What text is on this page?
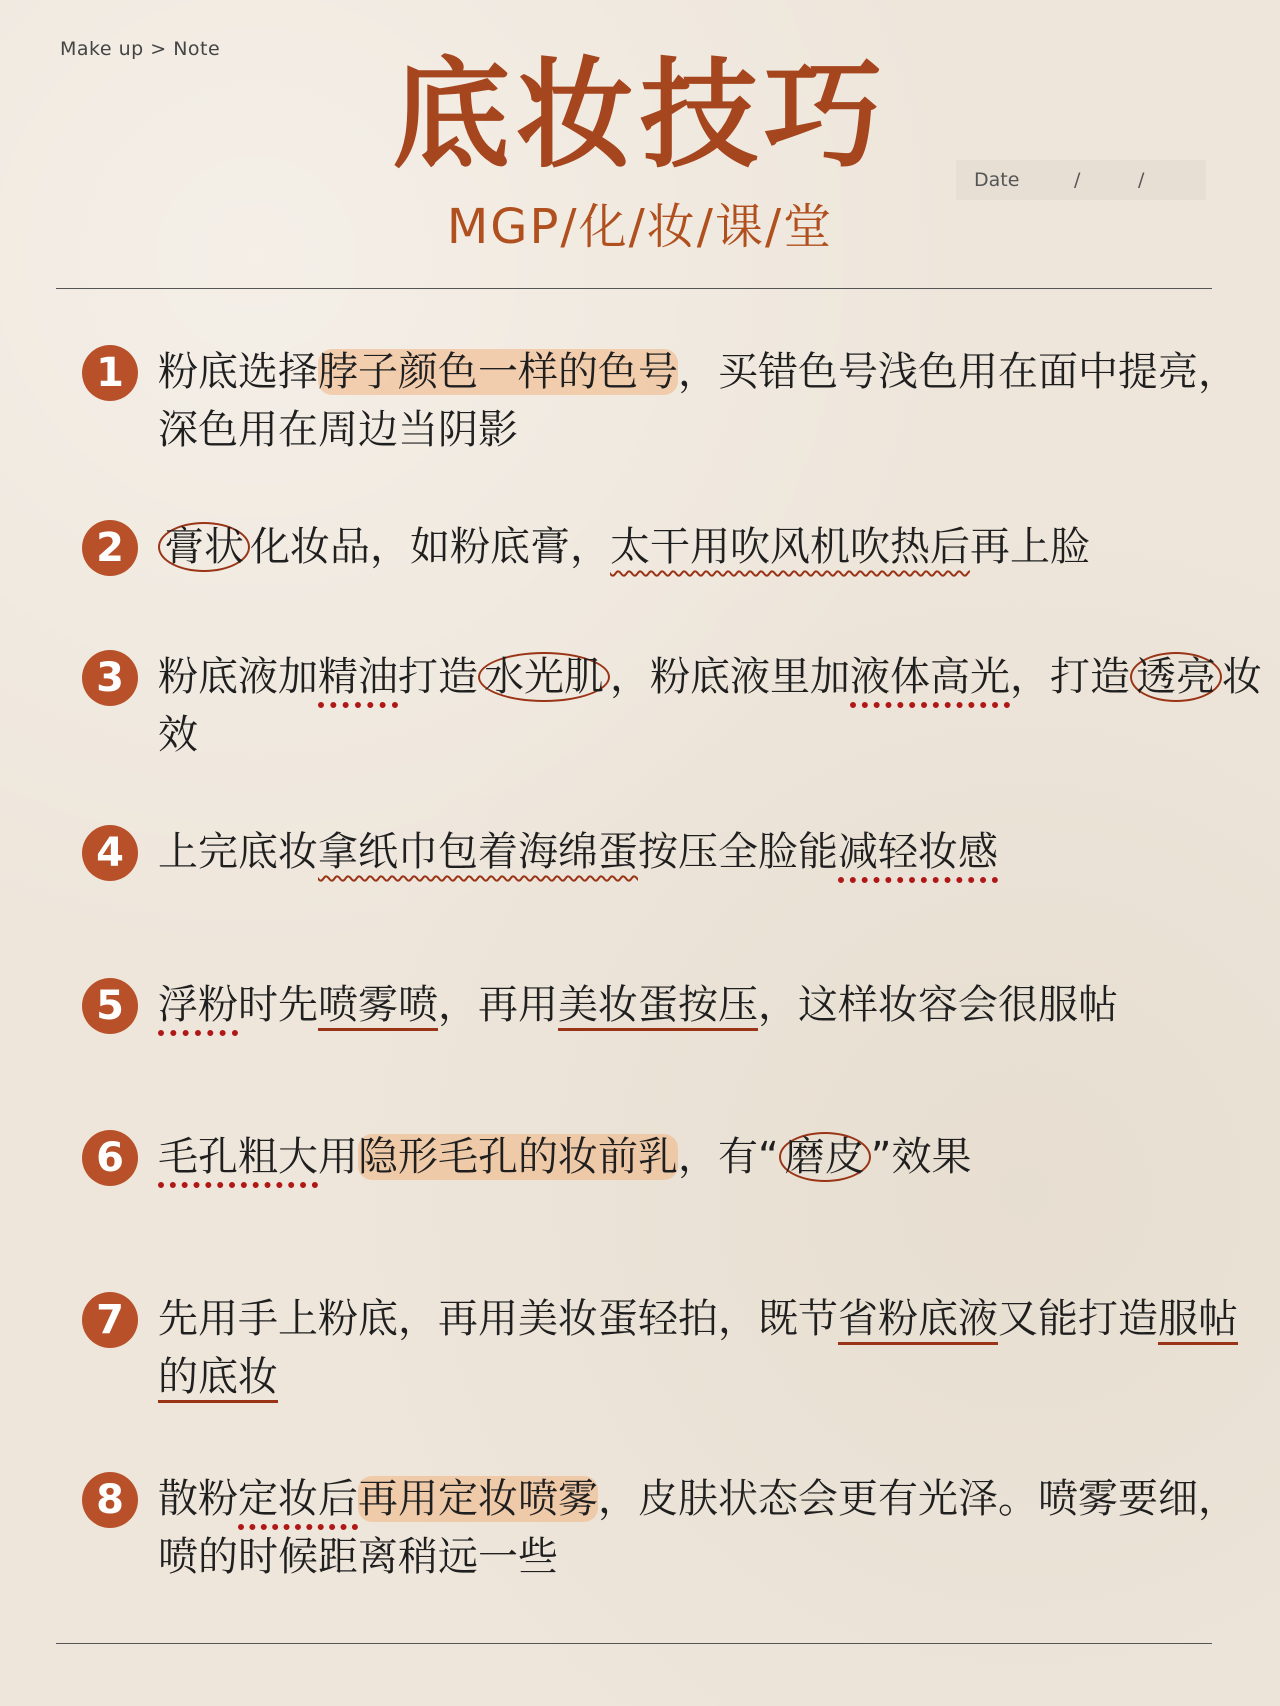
Make up > Note	底妆技巧
MGP/化/妆/课/堂
Date	/	/
1 粉底选择脖子颜色一样的色号，买错色号浅色用在面中提亮，深色用在周边当阴影
2	膏状 化妆品，如粉底膏，太干用吹风机吹热后再上脸
3 粉底液加精油打造 水光肌 ，粉底液里加液体高光，打造 透亮 妆效
4 上完底妆拿纸巾包着海绵蛋按压全脸能减轻妆感
5 浮粉时先喷雾喷，再用美妆蛋按压，这样妆容会很服帖
6 毛孔粗大用隐形毛孔的妆前乳，有“ 磨皮 ”效果
7 先用手上粉底，再用美妆蛋轻拍，既节省粉底液又能打造服帖的底妆
8 散粉定妆后再用定妆喷雾，皮肤状态会更有光泽。喷雾要细，喷的时候距离稍远一些
